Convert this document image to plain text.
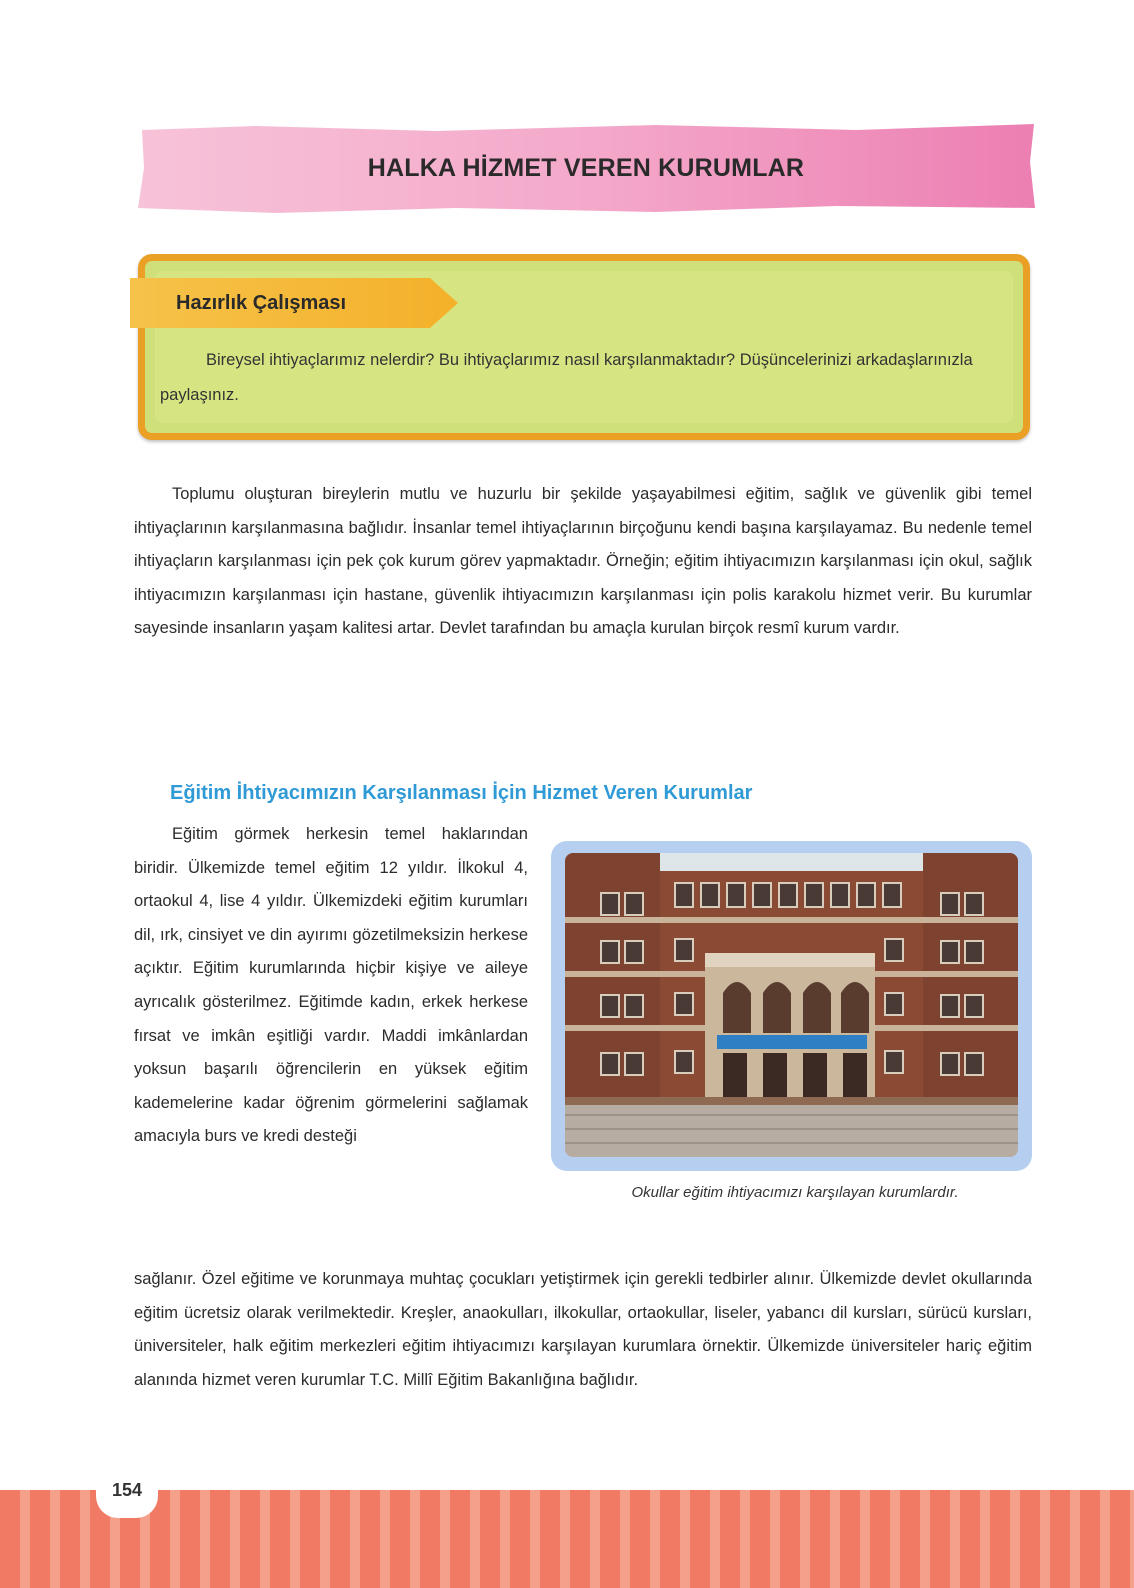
HALKA HİZMET VEREN KURUMLAR
Hazırlık Çalışması
Bireysel ihtiyaçlarımız nelerdir? Bu ihtiyaçlarımız nasıl karşılanmaktadır? Düşüncelerinizi arkadaşlarınızla paylaşınız.
Toplumu oluşturan bireylerin mutlu ve huzurlu bir şekilde yaşayabilmesi eğitim, sağlık ve güvenlik gibi temel ihtiyaçlarının karşılanmasına bağlıdır. İnsanlar temel ihtiyaçlarının birçoğunu kendi başına karşılayamaz. Bu nedenle temel ihtiyaçların karşılanması için pek çok kurum görev yapmaktadır. Örneğin; eğitim ihtiyacımızın karşılanması için okul, sağlık ihtiyacımızın karşılanması için hastane, güvenlik ihtiyacımızın karşılanması için polis karakolu hizmet verir. Bu kurumlar sayesinde insanların yaşam kalitesi artar. Devlet tarafından bu amaçla kurulan birçok resmî kurum vardır.
Eğitim İhtiyacımızın Karşılanması İçin Hizmet Veren Kurumlar
Eğitim görmek herkesin temel haklarından biridir. Ülkemizde temel eğitim 12 yıldır. İlkokul 4, ortaokul 4, lise 4 yıldır. Ülkemizdeki eğitim kurumları dil, ırk, cinsiyet ve din ayırımı gözetilmeksizin herkese açıktır. Eğitim kurumlarında hiçbir kişiye ve aileye ayrıcalık gösterilmez. Eğitimde kadın, erkek herkese fırsat ve imkân eşitliği vardır. Maddi imkânlardan yoksun başarılı öğrencilerin en yüksek eğitim kademelerine kadar öğrenim görmelerini sağlamak amacıyla burs ve kredi desteği
Okullar eğitim ihtiyacımızı karşılayan kurumlardır.
sağlanır. Özel eğitime ve korunmaya muhtaç çocukları yetiştirmek için gerekli tedbirler alınır. Ülkemizde devlet okullarında eğitim ücretsiz olarak verilmektedir. Kreşler, anaokulları, ilkokullar, ortaokullar, liseler, yabancı dil kursları, sürücü kursları, üniversiteler, halk eğitim merkezleri eğitim ihtiyacımızı karşılayan kurumlara örnektir. Ülkemizde üniversiteler hariç eğitim alanında hizmet veren kurumlar T.C. Millî Eğitim Bakanlığına bağlıdır.
154
